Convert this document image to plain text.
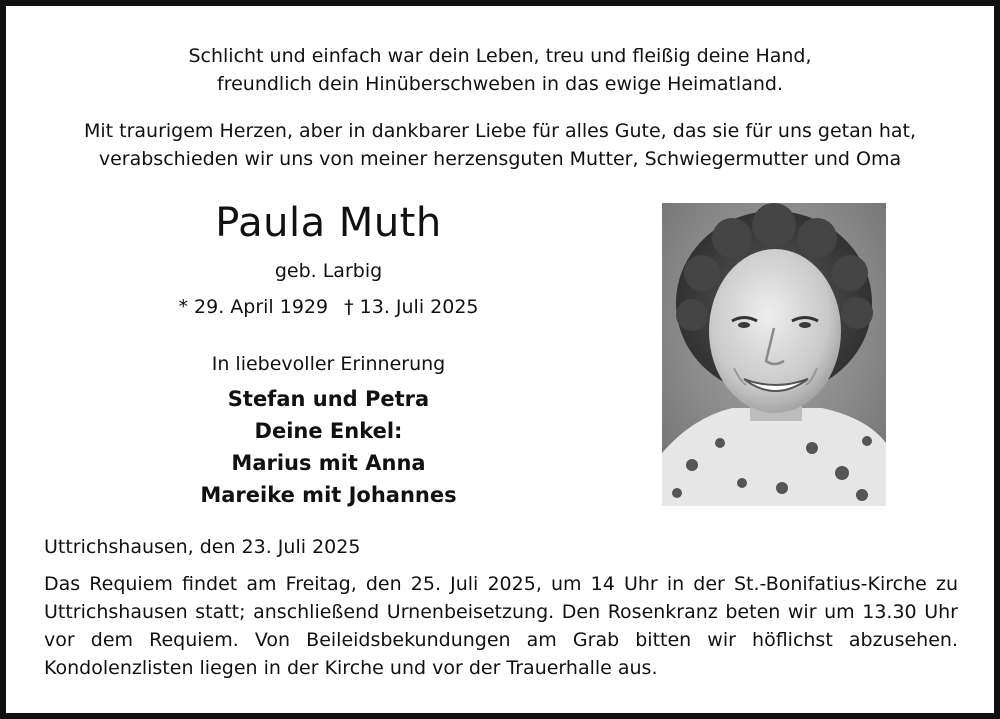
Schlicht und einfach war dein Leben, treu und fleißig deine Hand,
freundlich dein Hinüberschweben in das ewige Heimatland.
Mit traurigem Herzen, aber in dankbarer Liebe für alles Gute, das sie für uns getan hat,
verabschieden wir uns von meiner herzensguten Mutter, Schwiegermutter und Oma
Paula Muth
geb. Larbig
* 29. April 1929 † 13. Juli 2025
In liebevoller Erinnerung
Stefan und Petra
Deine Enkel:
Marius mit Anna
Mareike mit Johannes
Uttrichshausen, den 23. Juli 2025
Das Requiem findet am Freitag, den 25. Juli 2025, um 14 Uhr in der St.-Bonifatius-Kirche zu Uttrichshausen statt; anschließend Urnenbeisetzung. Den Rosenkranz beten wir um 13.30 Uhr vor dem Requiem. Von Beileidsbekundungen am Grab bitten wir höflichst abzusehen. Kondolenzlisten liegen in der Kirche und vor der Trauerhalle aus.
